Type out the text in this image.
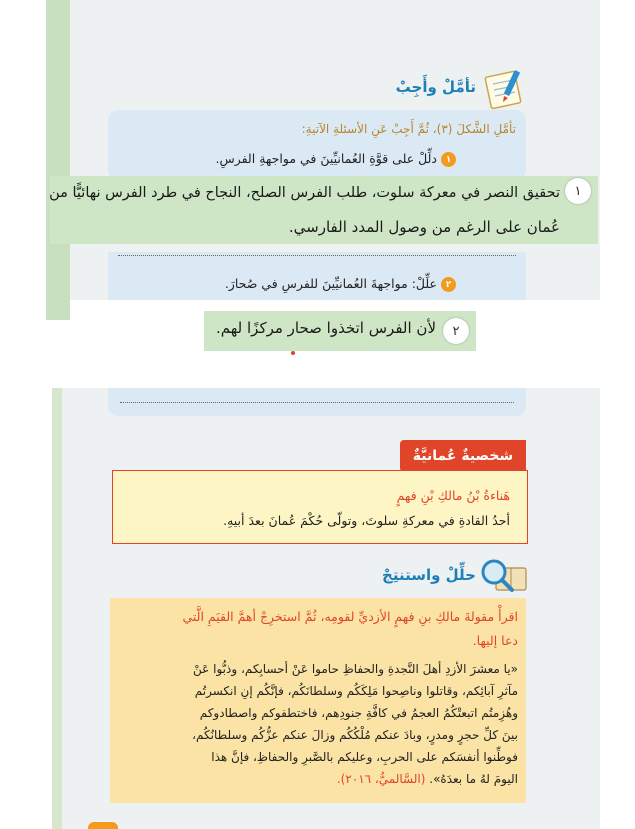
تأمَّلْ وأَجِبْ
تأمَّلِ الشَّكلَ (٣)، ثُمَّ أَجِبْ عَنِ الأسئلةِ الآتيةِ:
١
دلِّلْ على قوَّةِ العُمانيِّينَ في مواجهةِ الفرسِ.
١
تحقيق النصر في معركة سلوت، طلب الفرس الصلح، النجاح في طرد الفرس نهائيًّا من
عُمان على الرغم من وصول المدد الفارسي.
٢
علِّلْ: مواجهةَ العُمانيِّينَ للفرسِ في صُحارَ.
٢
لأن الفرس اتخذوا صحار مركزًا لهم.
شخصيةٌ عُمانيَّةٌ
هَناءةُ بْنُ مالكِ بْنِ فهمٍ
أحدُ القادةِ في معركةِ سلوتَ، وتولّى حُكْمَ عُمانَ بعدَ أبيهِ.
حلِّلْ واستنتِجْ
اقرأْ مقولةَ مالكِ بنِ فهمٍ الأزديِّ لقومِه، ثُمَّ استخرِجْ أهمَّ القيَمِ الَّتي
دعا إليها.
«يا معشرَ الأزدِ أهلَ النَّجدةِ والحفاظِ حاموا عَنْ أحسابِكم، وذبُّوا عَنْ
مآثرِ آبائِكم، وقاتلوا وناصِحوا مَلِكَكُم وسلطانَكُم، فإنَّكُم إنِ انكسرتُم
وهُزِمتُم اتبعتْكُمُ العجمُ في كافَّةِ جنودِهم، فاختطفوكم واصطادوكم
بينَ كلِّ حجرٍ ومدرٍ، وبادَ عنكم مُلْكُكُم وزالَ عنكم عزُّكُم وسلطانُكُم،
فوطِّنوا أنفسَكم على الحربِ، وعليكم بالصَّبرِ والحفاظِ، فإنَّ هذا
اليومَ لهُ ما بعدَهُ». (السَّالميُّ، ٢٠١٦).
